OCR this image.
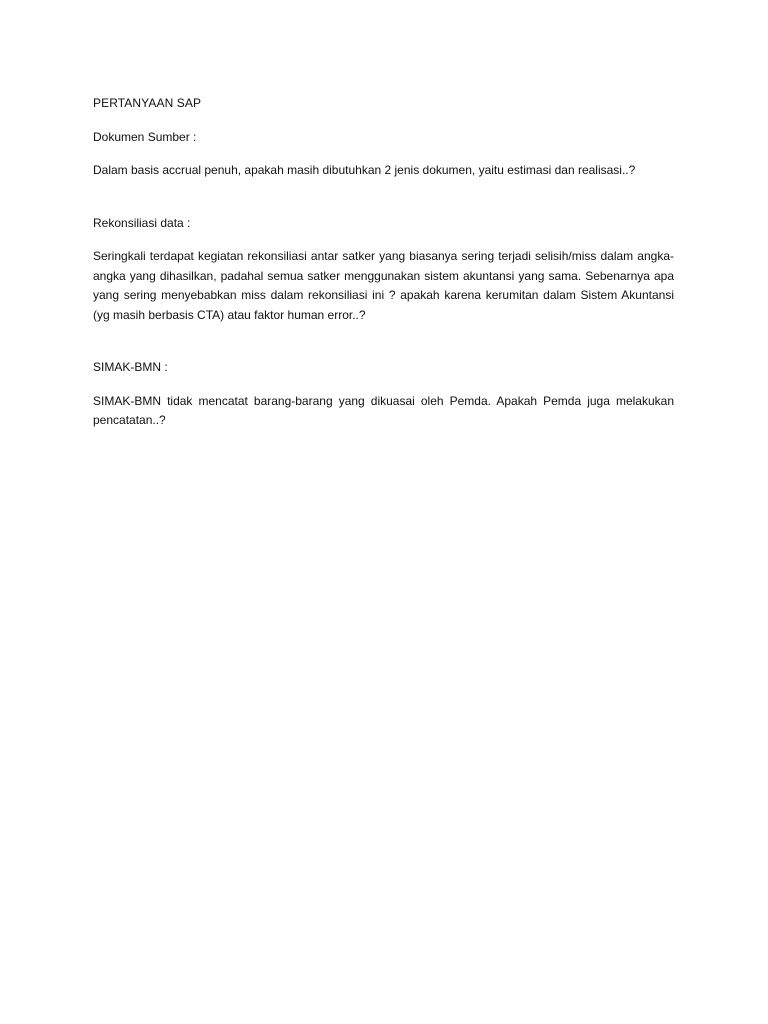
PERTANYAAN SAP
Dokumen Sumber :

Dalam basis accrual penuh, apakah masih dibutuhkan 2 jenis dokumen, yaitu estimasi dan realisasi..?

Rekonsiliasi data :

Seringkali terdapat kegiatan rekonsiliasi antar satker yang biasanya sering terjadi selisih/miss dalam angka-angka yang dihasilkan, padahal semua satker menggunakan sistem akuntansi yang sama. Sebenarnya apa yang sering menyebabkan miss dalam rekonsiliasi ini ? apakah karena kerumitan dalam Sistem Akuntansi (yg masih berbasis CTA) atau faktor human error..?

SIMAK-BMN :

SIMAK-BMN tidak mencatat barang-barang yang dikuasai oleh Pemda. Apakah Pemda juga melakukan pencatatan..?
